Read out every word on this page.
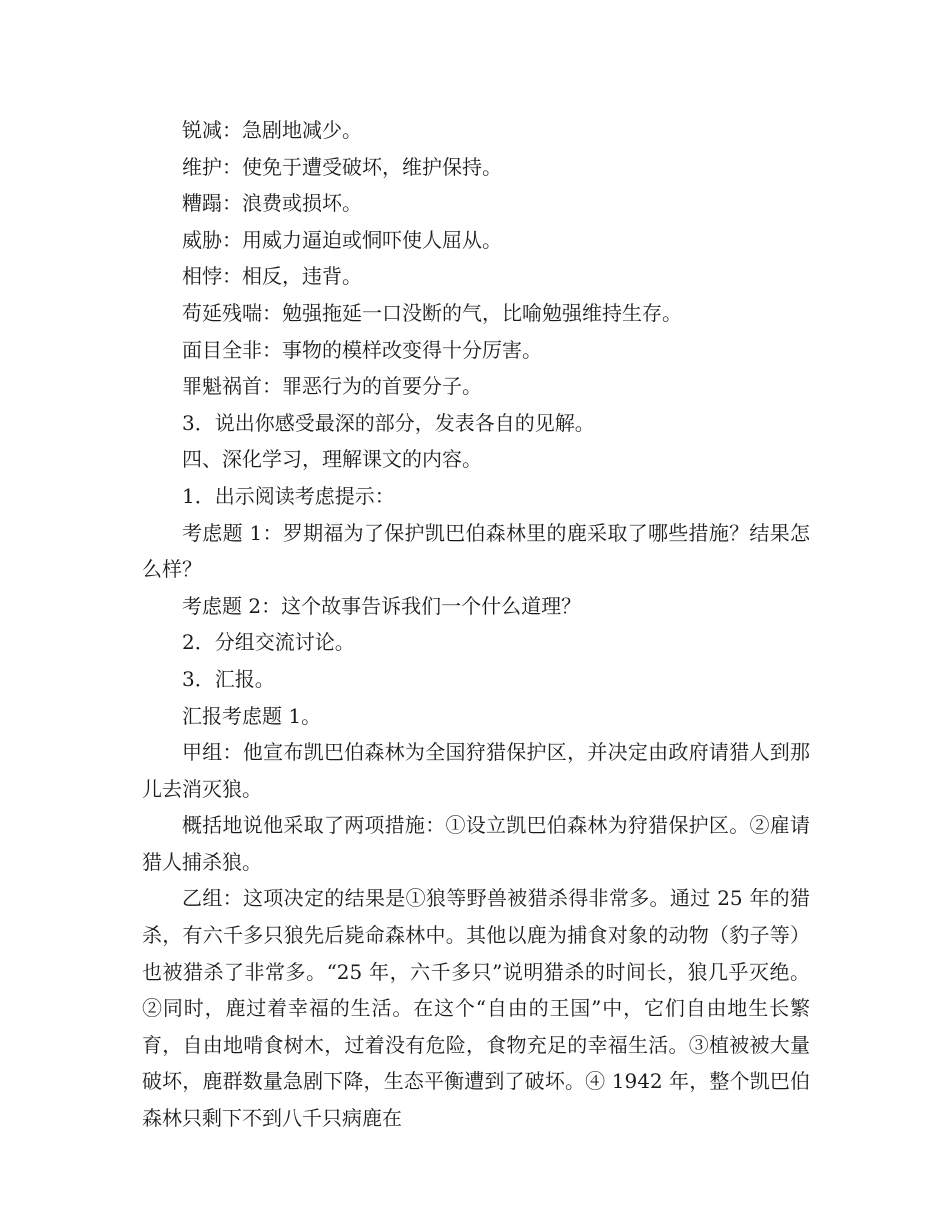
锐减：急剧地减少。

维护：使免于遭受破坏，维护保持。

糟蹋：浪费或损坏。

威胁：用威力逼迫或恫吓使人屈从。

相悖：相反，违背。

苟延残喘：勉强拖延一口没断的气，比喻勉强维持生存。

面目全非：事物的模样改变得十分厉害。

罪魁祸首：罪恶行为的首要分子。

3．说出你感受最深的部分，发表各自的见解。

四、深化学习，理解课文的内容。

1．出示阅读考虑提示：

考虑题 1：罗期福为了保护凯巴伯森林里的鹿采取了哪些措施？结果怎么样？

考虑题 2：这个故事告诉我们一个什么道理？

2．分组交流讨论。

3．汇报。

汇报考虑题 1。

甲组：他宣布凯巴伯森林为全国狩猎保护区，并决定由政府请猎人到那儿去消灭狼。

概括地说他采取了两项措施：①设立凯巴伯森林为狩猎保护区。②雇请猎人捕杀狼。

乙组：这项决定的结果是①狼等野兽被猎杀得非常多。通过 25 年的猎杀，有六千多只狼先后毙命森林中。其他以鹿为捕食对象的动物（豹子等）也被猎杀了非常多。“25 年，六千多只”说明猎杀的时间长，狼几乎灭绝。②同时，鹿过着幸福的生活。在这个“自由的王国”中，它们自由地生长繁育，自由地啃食树木，过着没有危险，食物充足的幸福生活。③植被被大量破坏，鹿群数量急剧下降，生态平衡遭到了破坏。④ 1942 年，整个凯巴伯森林只剩下不到八千只病鹿在
